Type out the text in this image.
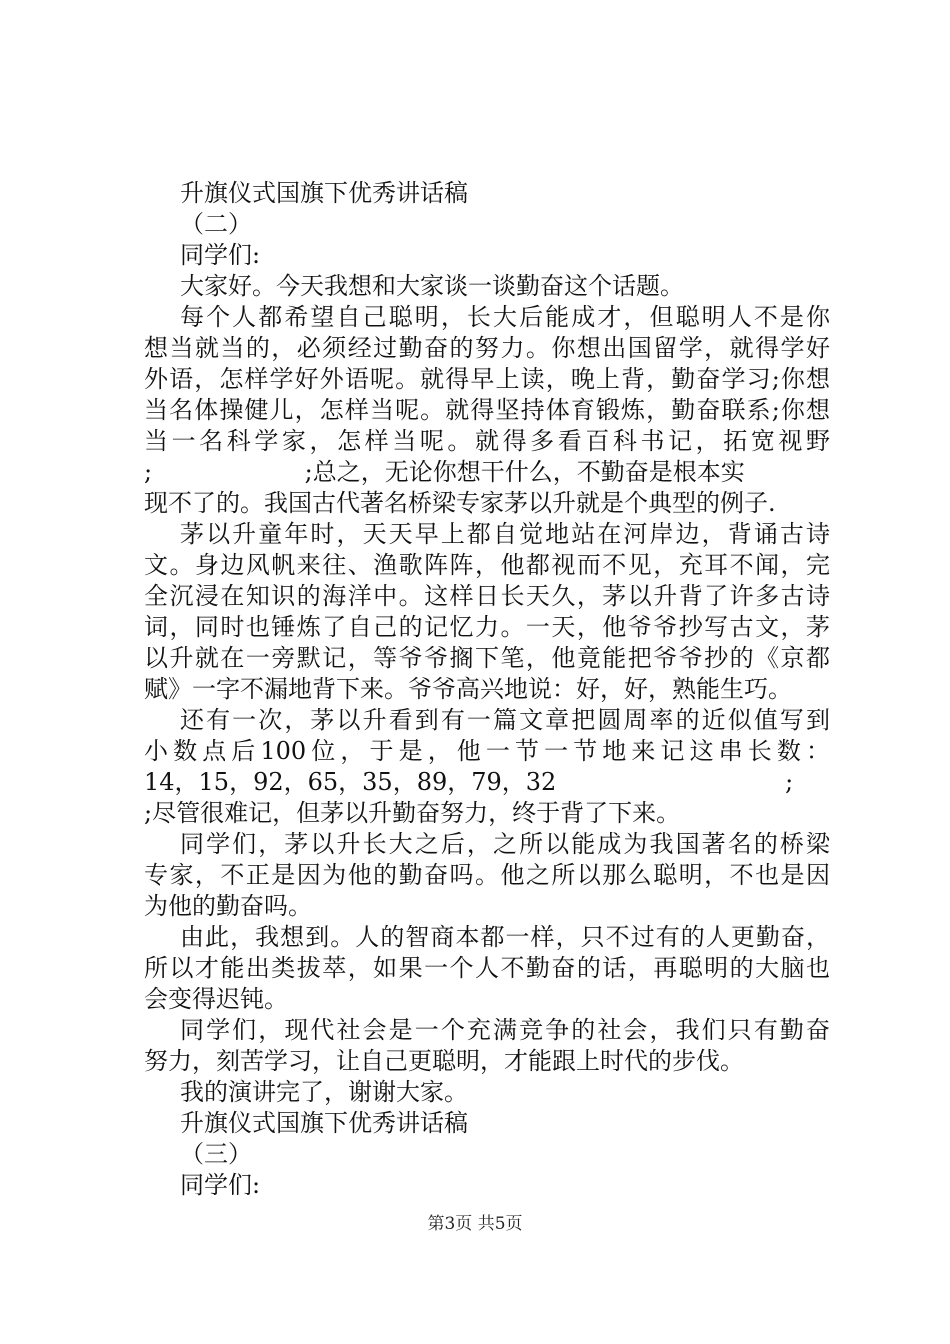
升旗仪式国旗下优秀讲话稿
（二）
同学们:
大家好。今天我想和大家谈一谈勤奋这个话题。
每个人都希望自己聪明，长大后能成才，但聪明人不是你
想当就当的，必须经过勤奋的努力。你想出国留学，就得学好
外语，怎样学好外语呢。就得早上读，晚上背，勤奋学习;你想
当名体操健儿，怎样当呢。就得坚持体育锻炼，勤奋联系;你想
当一名科学家，怎样当呢。就得多看百科书记，拓宽视野
;                    ;总之，无论你想干什么，不勤奋是根本实
现不了的。我国古代著名桥梁专家茅以升就是个典型的例子.
茅以升童年时，天天早上都自觉地站在河岸边，背诵古诗
文。身边风帆来往、渔歌阵阵，他都视而不见，充耳不闻，完
全沉浸在知识的海洋中。这样日长天久，茅以升背了许多古诗
词，同时也锤炼了自己的记忆力。一天，他爷爷抄写古文，茅
以升就在一旁默记，等爷爷搁下笔，他竟能把爷爷抄的《京都
赋》一字不漏地背下来。爷爷高兴地说：好，好，熟能生巧。
还有一次，茅以升看到有一篇文章把圆周率的近似值写到
小数点后100位，于是，他一节一节地来记这串长数：
14，15，92，65，35，89，79，32                              ;
;尽管很难记，但茅以升勤奋努力，终于背了下来。
同学们，茅以升长大之后，之所以能成为我国著名的桥梁
专家，不正是因为他的勤奋吗。他之所以那么聪明，不也是因
为他的勤奋吗。
由此，我想到。人的智商本都一样，只不过有的人更勤奋，
所以才能出类拔萃，如果一个人不勤奋的话，再聪明的大脑也
会变得迟钝。
同学们，现代社会是一个充满竞争的社会，我们只有勤奋
努力，刻苦学习，让自己更聪明，才能跟上时代的步伐。
我的演讲完了，谢谢大家。
升旗仪式国旗下优秀讲话稿
（三）
同学们:
第3页 共5页
